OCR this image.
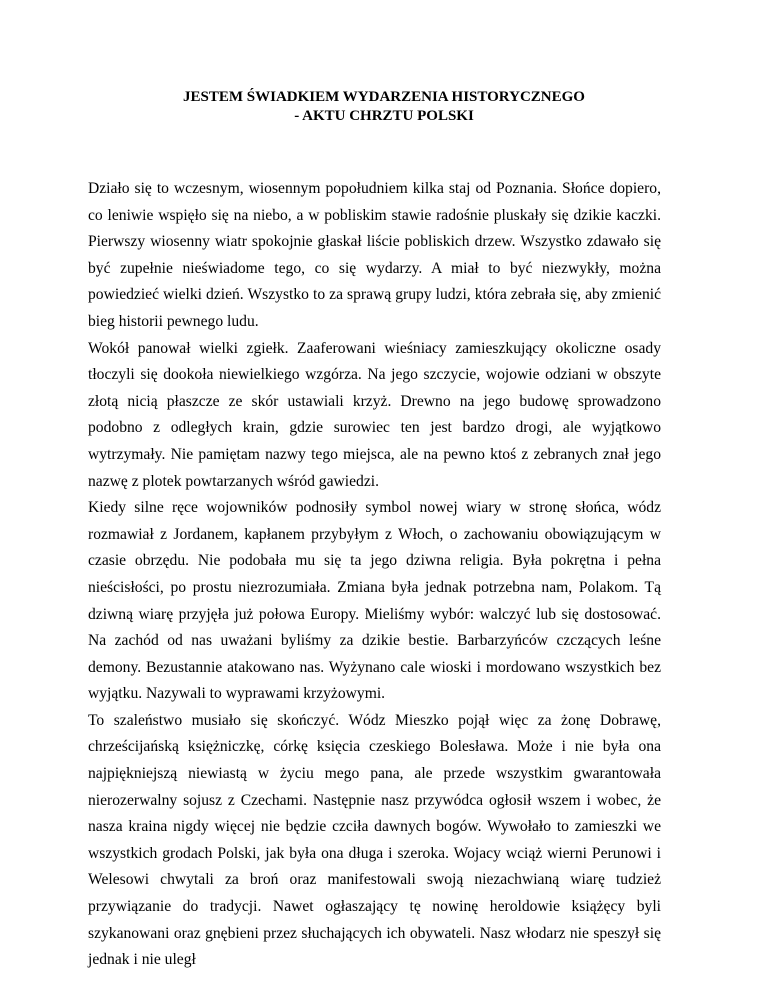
JESTEM ŚWIADKIEM WYDARZENIA HISTORYCZNEGO
- AKTU CHRZTU POLSKI

Działo się to wczesnym, wiosennym popołudniem kilka staj od Poznania. Słońce dopiero, co leniwie wspięło się na niebo, a w pobliskim stawie radośnie pluskały się dzikie kaczki. Pierwszy wiosenny wiatr spokojnie głaskał liście pobliskich drzew. Wszystko zdawało się być zupełnie nieświadome tego, co się wydarzy. A miał to być niezwykły, można powiedzieć wielki dzień. Wszystko to za sprawą grupy ludzi, która zebrała się, aby zmienić bieg historii pewnego ludu.

Wokół panował wielki zgiełk. Zaaferowani wieśniacy zamieszkujący okoliczne osady tłoczyli się dookoła niewielkiego wzgórza. Na jego szczycie, wojowie odziani w obszyte złotą nicią płaszcze ze skór ustawiali krzyż. Drewno na jego budowę sprowadzono podobno z odległych krain, gdzie surowiec ten jest bardzo drogi, ale wyjątkowo wytrzymały. Nie pamiętam nazwy tego miejsca, ale na pewno ktoś z zebranych znał jego nazwę z plotek powtarzanych wśród gawiedzi.

Kiedy silne ręce wojowników podnosiły symbol nowej wiary w stronę słońca, wódz rozmawiał z Jordanem, kapłanem przybyłym z Włoch, o zachowaniu obowiązującym w czasie obrzędu. Nie podobała mu się ta jego dziwna religia. Była pokrętna i pełna nieścisłości, po prostu niezrozumiała. Zmiana była jednak potrzebna nam, Polakom. Tą dziwną wiarę przyjęła już połowa Europy. Mieliśmy wybór: walczyć lub się dostosować. Na zachód od nas uważani byliśmy za dzikie bestie. Barbarzyńców czczących leśne demony. Bezustannie atakowano nas. Wyżynano cale wioski i mordowano wszystkich bez wyjątku. Nazywali to wyprawami krzyżowymi.

To szaleństwo musiało się skończyć. Wódz Mieszko pojął więc za żonę Dobrawę, chrześcijańską księżniczkę, córkę księcia czeskiego Bolesława. Może i nie była ona najpiękniejszą niewiastą w życiu mego pana, ale przede wszystkim gwarantowała nierozerwalny sojusz z Czechami. Następnie nasz przywódca ogłosił wszem i wobec, że nasza kraina nigdy więcej nie będzie czciła dawnych bogów. Wywołało to zamieszki we wszystkich grodach Polski, jak była ona długa i szeroka. Wojacy wciąż wierni Perunowi i Welesowi chwytali za broń oraz manifestowali swoją niezachwianą wiarę tudzież przywiązanie do tradycji. Nawet ogłaszający tę nowinę heroldowie książęcy byli szykanowani oraz gnębieni przez słuchających ich obywateli. Nasz włodarz nie speszył się jednak i nie uległ
